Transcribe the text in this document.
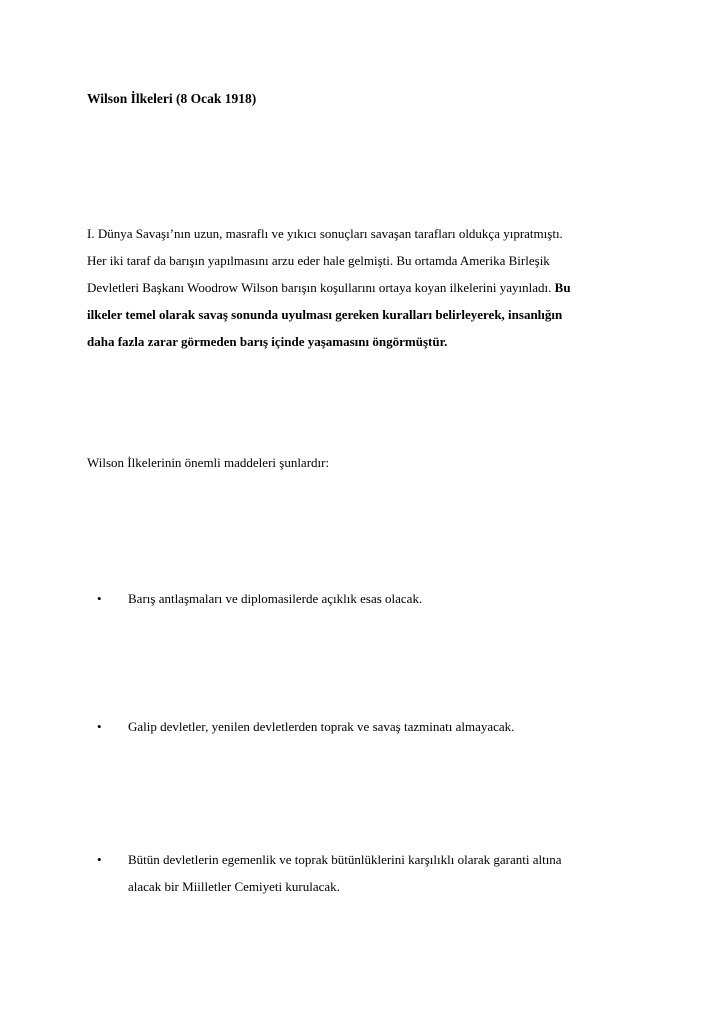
Wilson İlkeleri (8 Ocak 1918)

I. Dünya Savaşı’nın uzun, masraflı ve yıkıcı sonuçları savaşan tarafları oldukça yıpratmıştı.
Her iki taraf da barışın yapılmasını arzu eder hale gelmişti. Bu ortamda Amerika Birleşik
Devletleri Başkanı Woodrow Wilson barışın koşullarını ortaya koyan ilkelerini yayınladı. Bu
ilkeler temel olarak savaş sonunda uyulması gereken kuralları belirleyerek, insanlığın
daha fazla zarar görmeden barış içinde yaşamasını öngörmüştür.

Wilson İlkelerinin önemli maddeleri şunlardır:

•	Barış antlaşmaları ve diplomasilerde açıklık esas olacak.
•	Galip devletler, yenilen devletlerden toprak ve savaş tazminatı almayacak.
•	Bütün devletlerin egemenlik ve toprak bütünlüklerini karşılıklı olarak garanti altına
alacak bir Miilletler Cemiyeti kurulacak.
